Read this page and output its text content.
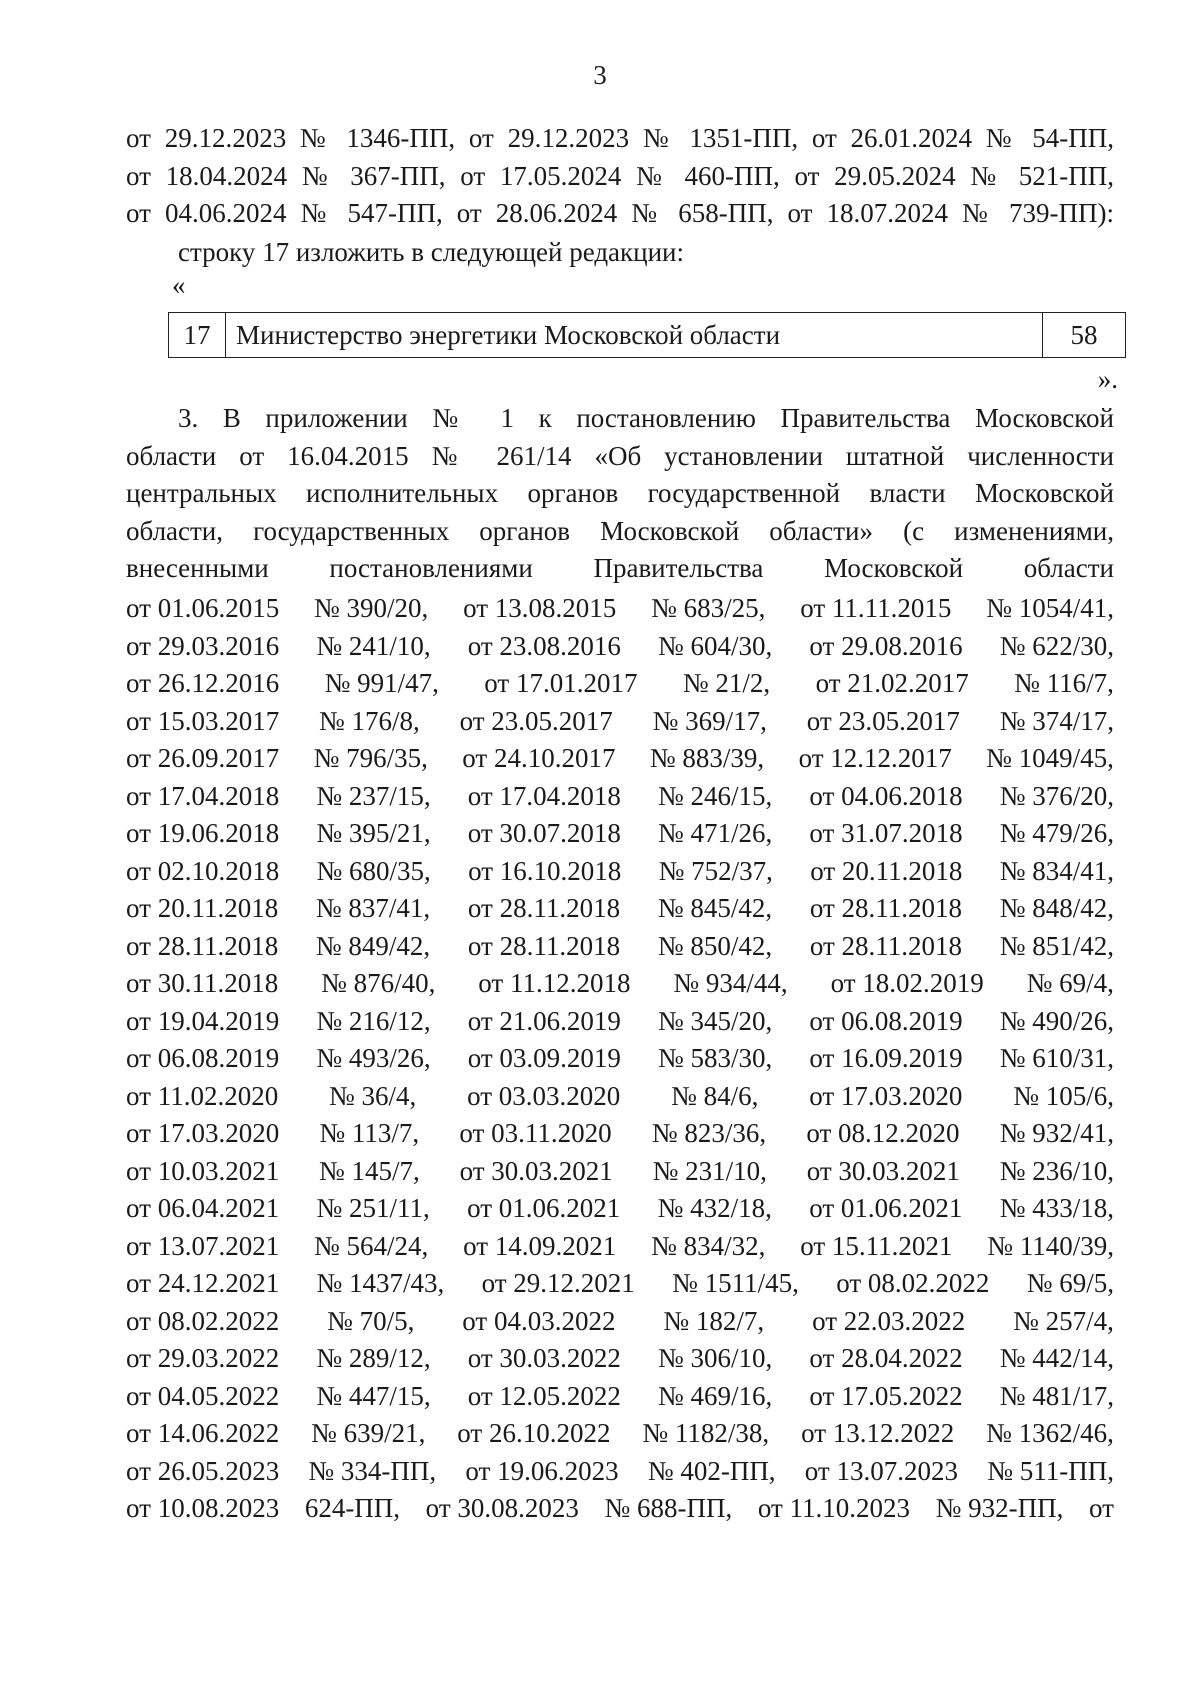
3
от 29.12.2023 № 1346-ПП, от 29.12.2023 № 1351-ПП, от 26.01.2024 № 54-ПП,
от 18.04.2024 № 367-ПП, от 17.05.2024 № 460-ПП, от 29.05.2024 № 521-ПП,
от 04.06.2024 № 547-ПП, от 28.06.2024 № 658-ПП, от 18.07.2024 № 739-ПП):
строку 17 изложить в следующей редакции:
«
17	Министерство энергетики Московской области	58
».
3. В приложении № 1 к постановлению Правительства Московской
области от 16.04.2015 № 261/14 «Об установлении штатной численности
центральных исполнительных органов государственной власти Московской
области, государственных органов Московской области» (с изменениями,
внесенными постановлениями Правительства Московской области
от 01.06.2015 № 390/20, от 13.08.2015 № 683/25, от 11.11.2015 № 1054/41,
от 29.03.2016 № 241/10, от 23.08.2016 № 604/30, от 29.08.2016 № 622/30,
от 26.12.2016 № 991/47, от 17.01.2017 № 21/2, от 21.02.2017 № 116/7,
от 15.03.2017 № 176/8, от 23.05.2017 № 369/17, от 23.05.2017 № 374/17,
от 26.09.2017 № 796/35, от 24.10.2017 № 883/39, от 12.12.2017 № 1049/45,
от 17.04.2018 № 237/15, от 17.04.2018 № 246/15, от 04.06.2018 № 376/20,
от 19.06.2018 № 395/21, от 30.07.2018 № 471/26, от 31.07.2018 № 479/26,
от 02.10.2018 № 680/35, от 16.10.2018 № 752/37, от 20.11.2018 № 834/41,
от 20.11.2018 № 837/41, от 28.11.2018 № 845/42, от 28.11.2018 № 848/42,
от 28.11.2018 № 849/42, от 28.11.2018 № 850/42, от 28.11.2018 № 851/42,
от 30.11.2018 № 876/40, от 11.12.2018 № 934/44, от 18.02.2019 № 69/4,
от 19.04.2019 № 216/12, от 21.06.2019 № 345/20, от 06.08.2019 № 490/26,
от 06.08.2019 № 493/26, от 03.09.2019 № 583/30, от 16.09.2019 № 610/31,
от 11.02.2020 № 36/4, от 03.03.2020 № 84/6, от 17.03.2020 № 105/6,
от 17.03.2020 № 113/7, от 03.11.2020 № 823/36, от 08.12.2020 № 932/41,
от 10.03.2021 № 145/7, от 30.03.2021 № 231/10, от 30.03.2021 № 236/10,
от 06.04.2021 № 251/11, от 01.06.2021 № 432/18, от 01.06.2021 № 433/18,
от 13.07.2021 № 564/24, от 14.09.2021 № 834/32, от 15.11.2021 № 1140/39,
от 24.12.2021 № 1437/43, от 29.12.2021 № 1511/45, от 08.02.2022 № 69/5,
от 08.02.2022 № 70/5, от 04.03.2022 № 182/7, от 22.03.2022 № 257/4,
от 29.03.2022 № 289/12, от 30.03.2022 № 306/10, от 28.04.2022 № 442/14,
от 04.05.2022 № 447/15, от 12.05.2022 № 469/16, от 17.05.2022 № 481/17,
от 14.06.2022 № 639/21, от 26.10.2022 № 1182/38, от 13.12.2022 № 1362/46,
от 26.05.2023 № 334-ПП, от 19.06.2023 № 402-ПП, от 13.07.2023 № 511-ПП,
от 10.08.2023 624-ПП, от 30.08.2023 № 688-ПП, от 11.10.2023 № 932-ПП, от
